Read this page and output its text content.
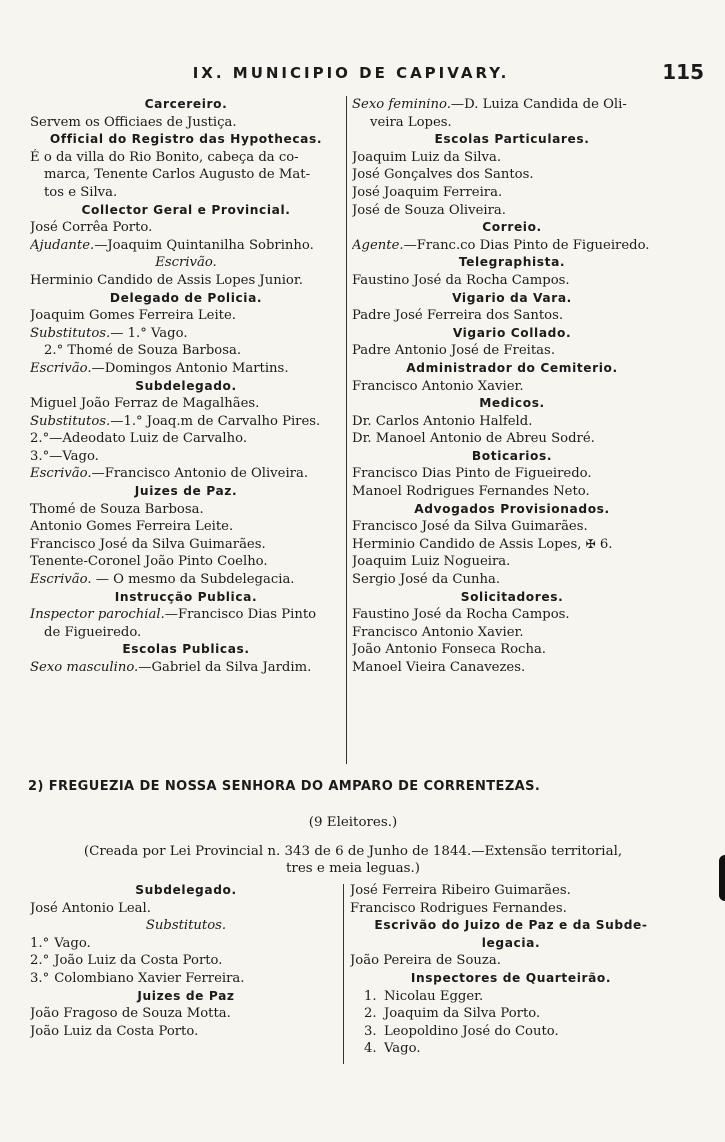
IX. MUNICIPIO DE CAPIVARY.	115
Carcereiro.
Servem os Officiaes de Justiça.
Official do Registro das Hypothecas.
É o da villa do Rio Bonito, cabeça da co-
marca, Tenente Carlos Augusto de Mat-
tos e Silva.
Collector Geral e Provincial.
José Corrêa Porto.
Ajudante.—Joaquim Quintanilha Sobrinho.
Escrivão.
Herminio Candido de Assis Lopes Junior.
Delegado de Policia.
Joaquim Gomes Ferreira Leite.
Substitutos.— 1.° Vago.
2.° Thomé de Souza Barbosa.
Escrivão.—Domingos Antonio Martins.
Subdelegado.
Miguel João Ferraz de Magalhães.
Substitutos.—1.° Joaq.m de Carvalho Pires.
2.°—Adeodato Luiz de Carvalho.
3.°—Vago.
Escrivão.—Francisco Antonio de Oliveira.
Juizes de Paz.
Thomé de Souza Barbosa.
Antonio Gomes Ferreira Leite.
Francisco José da Silva Guimarães.
Tenente-Coronel João Pinto Coelho.
Escrivão. — O mesmo da Subdelegacia.
Instrucção Publica.
Inspector parochial.—Francisco Dias Pinto
de Figueiredo.
Escolas Publicas.
Sexo masculino.—Gabriel da Silva Jardim.
Sexo feminino.—D. Luiza Candida de Oli-
veira Lopes.
Escolas Particulares.
Joaquim Luiz da Silva.
José Gonçalves dos Santos.
José Joaquim Ferreira.
José de Souza Oliveira.
Correio.
Agente.—Franc.co Dias Pinto de Figueiredo.
Telegraphista.
Faustino José da Rocha Campos.
Vigario da Vara.
Padre José Ferreira dos Santos.
Vigario Collado.
Padre Antonio José de Freitas.
Administrador do Cemiterio.
Francisco Antonio Xavier.
Medicos.
Dr. Carlos Antonio Halfeld.
Dr. Manoel Antonio de Abreu Sodré.
Boticarios.
Francisco Dias Pinto de Figueiredo.
Manoel Rodrigues Fernandes Neto.
Advogados Provisionados.
Francisco José da Silva Guimarães.
Herminio Candido de Assis Lopes, ✠ 6.
Joaquim Luiz Nogueira.
Sergio José da Cunha.
Solicitadores.
Faustino José da Rocha Campos.
Francisco Antonio Xavier.
João Antonio Fonseca Rocha.
Manoel Vieira Canavezes.
2) FREGUEZIA DE NOSSA SENHORA DO AMPARO DE CORRENTEZAS.
(9 Eleitores.)
(Creada por Lei Provincial n. 343 de 6 de Junho de 1844.—Extensão territorial,
tres e meia leguas.)
Subdelegado.
José Antonio Leal.
Substitutos.
1.° Vago.
2.° João Luiz da Costa Porto.
3.° Colombiano Xavier Ferreira.
Juizes de Paz
João Fragoso de Souza Motta.
João Luiz da Costa Porto.
José Ferreira Ribeiro Guimarães.
Francisco Rodrigues Fernandes.
Escrivão do Juizo de Paz e da Subde-
legacia.
João Pereira de Souza.
Inspectores de Quarteirão.
1. Nicolau Egger.
2. Joaquim da Silva Porto.
3. Leopoldino José do Couto.
4. Vago.
